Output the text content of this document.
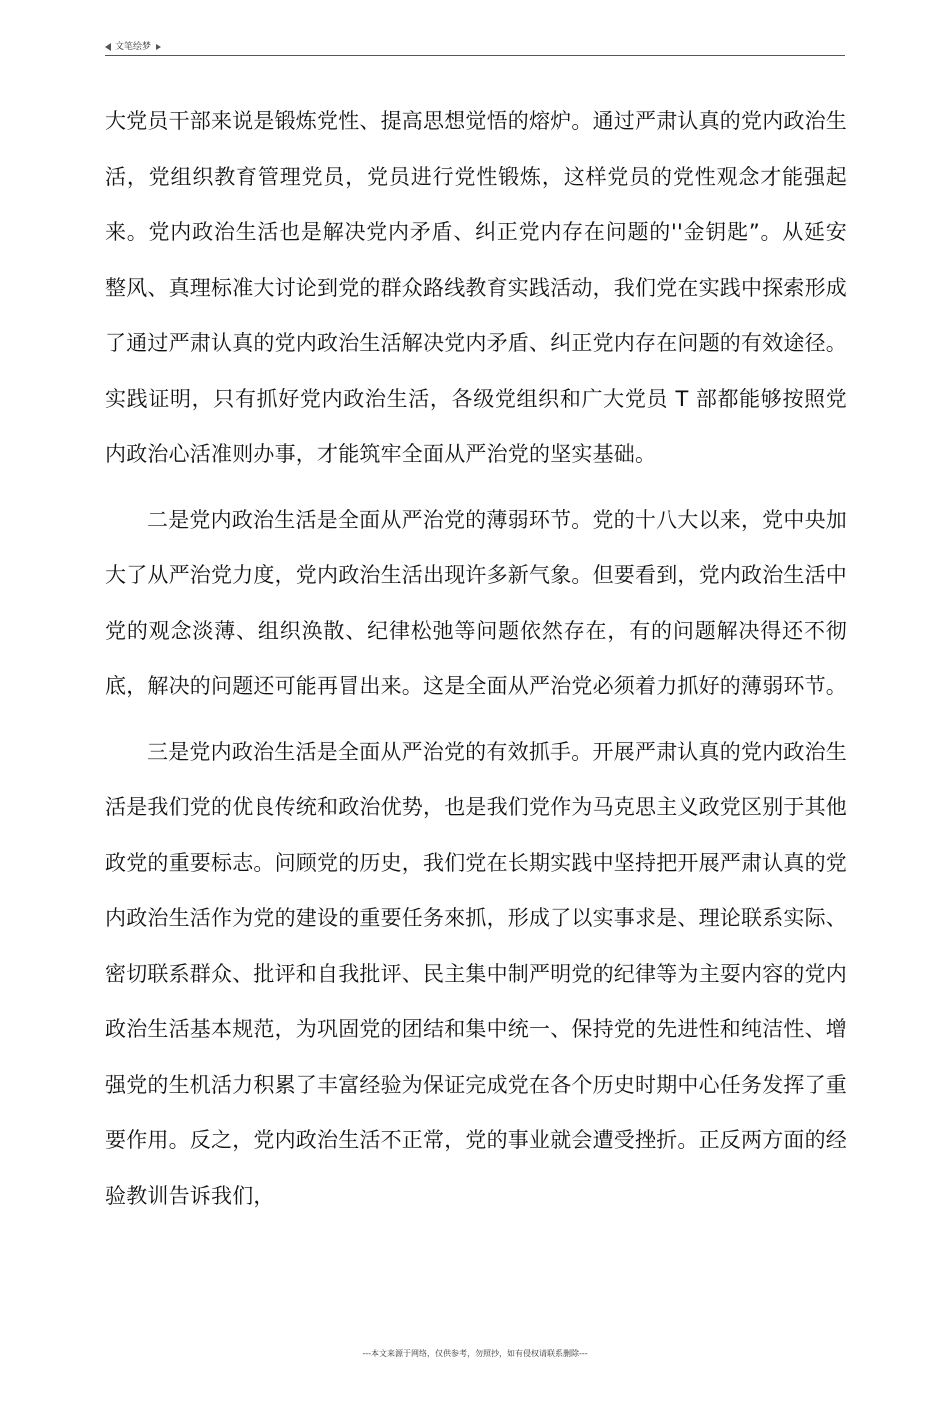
文笔绘梦

大党员干部来说是锻炼党性、提高思想觉悟的熔炉。通过严肃认真的党内政治生活，党组织教育管理党员，党员进行党性锻炼，这样党员的党性观念才能强起来。党内政治生活也是解决党内矛盾、纠正党内存在问题的''金钥匙”。从延安整风、真理标准大讨论到党的群众路线教育实践活动，我们党在实践中探索形成了通过严肃认真的党内政治生活解决党内矛盾、纠正党内存在问题的有效途径。实践证明，只有抓好党内政治生活，各级党组织和广大党员 T 部都能够按照党内政治心活准则办事，才能筑牢全面从严治党的坚实基础。

二是党内政治生活是全面从严治党的薄弱环节。党的十八大以来，党中央加大了从严治党力度，党内政治生活出现许多新气象。但要看到，党内政治生活中党的观念淡薄、组织涣散、纪律松弛等问题依然存在，有的问题解决得还不彻底，解决的问题还可能再冒出来。这是全面从严治党必须着力抓好的薄弱环节。

三是党内政治生活是全面从严治党的有效抓手。开展严肃认真的党内政治生活是我们党的优良传统和政治优势，也是我们党作为马克思主义政党区别于其他政党的重要标志。问顾党的历史，我们党在长期实践中坚持把开展严肃认真的党内政治生活作为党的建设的重要任务來抓，形成了以实事求是、理论联系实际、密切联系群众、批评和自我批评、民主集中制严明党的纪律等为主耍内容的党内政治生活基本规范，为巩固党的团结和集中统一、保持党的先进性和纯洁性、增强党的生机活力积累了丰富经验为保证完成党在各个历史时期中心任务发挥了重要作用。反之，党内政治生活不正常，党的事业就会遭受挫折。正反两方面的经验教训告诉我们，

---本文来源于网络，仅供参考，勿照抄，如有侵权请联系删除---
